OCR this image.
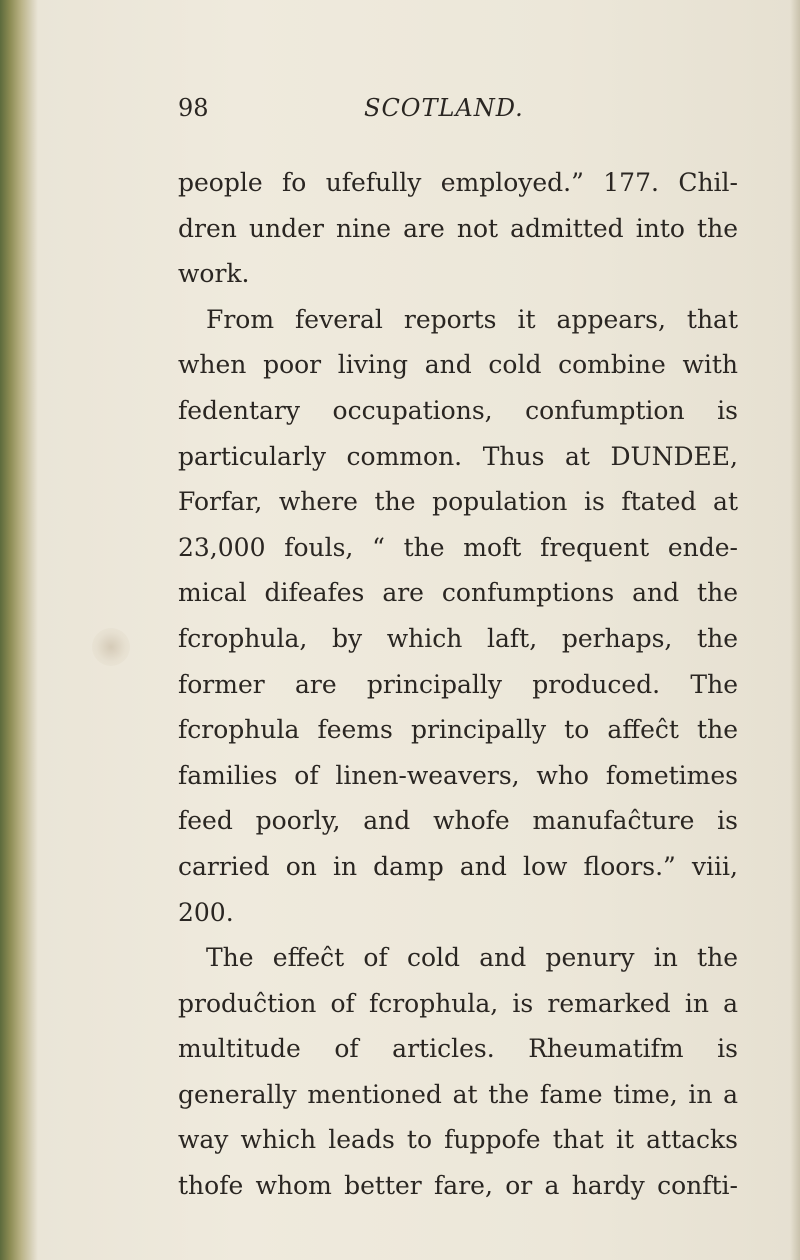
98	SCOTLAND.
people fo ufefully employed.” 177. Chil-
dren under nine are not admitted into the
work.
From feveral reports it appears, that
when poor living and cold combine with
fedentary occupations, confumption is
particularly common. Thus at DUNDEE,
Forfar, where the population is ftated at
23,000 fouls, “ the moft frequent ende-
mical difeafes are confumptions and the
fcrophula, by which laft, perhaps, the
former are principally produced. The
fcrophula feems principally to affeĉt the
families of linen-weavers, who fometimes
feed poorly, and whofe manufaĉture is
carried on in damp and low floors.” viii,
200.
The effeĉt of cold and penury in the
produĉtion of fcrophula, is remarked in a
multitude of articles. Rheumatifm is
generally mentioned at the fame time, in a
way which leads to fuppofe that it attacks
thofe whom better fare, or a hardy confti-
